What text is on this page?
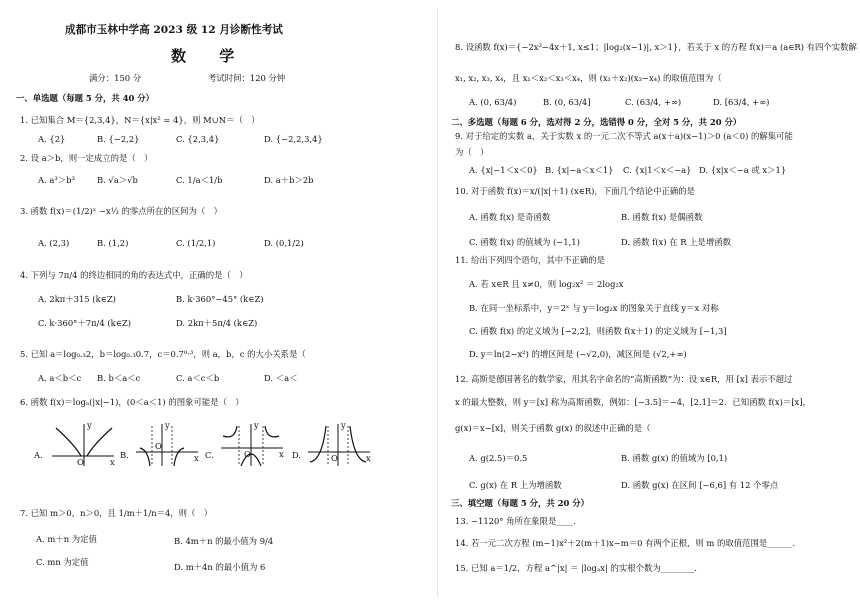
成都市玉林中学高 2023 级 12 月诊断性考试
数 学
满分：150 分	考试时间：120 分钟
一、单选题（每题 5 分，共 40 分）
1. 已知集合 M＝{2,3,4}，N＝{x|x² = 4}，则 M∪N＝（　）
A. {2}	B. {−2,2}	C. {2,3,4}	D. {−2,2,3,4}
2. 设 a＞b，则一定成立的是（　）
A. a³＞b³	B. √a＞√b	C. 1/a＜1/b	D. a＋b＞2b
3. 函数 f(x)＝(1/2)ˣ −x⅓ 的零点所在的区间为（　）
A. (2,3)	B. (1,2)	C. (1/2,1)	D. (0,1/2)
4. 下列与 7π/4 的终边相同的角的表达式中，正确的是（　）
A. 2kπ＋315 (k∈Z)	B. k·360°−45° (k∈Z)
C. k·360°＋7π/4 (k∈Z)	D. 2kπ＋5π/4 (k∈Z)
5. 已知 a＝log₀.₃2，b＝log₀.₃0.7，c＝0.7⁰·³，则 a，b，c 的大小关系是（
A. a＜b＜c B. b＜a＜c	C. a＜c＜b	D. ＜a＜
6. 函数 f(x)＝logₐ(|x|−1)，(0＜a＜1) 的图象可能是（　）
A.
O	x
y
B.
O
x
y
C.	O	x
y
D.	O	x
y
7. 已知 m＞0，n＞0，且 1/m＋1/n＝4，则（　）
A. m＋n 为定值	B. 4m＋n 的最小值为 9/4
C. mn 为定值	D. m＋4n 的最小值为 6
8. 设函数 f(x)＝{−2x²−4x＋1, x≤1；|log₂(x−1)|, x＞1}，若关于 x 的方程 f(x)＝a (a∈R) 有四个实数解
x₁, x₂, x₃, x₄，且 x₁＜x₂＜x₃＜x₄，则 (x₁＋x₂)(x₃−x₄) 的取值范围为（
A. (0, 63/4)	B. (0, 63/4]	C. (63/4, +∞)	D. [63/4, +∞)
二、多选题（每题 6 分，选对得 2 分，选错得 0 分，全对 5 分，共 20 分）
9. 对于给定的实数 a，关于实数 x 的一元二次不等式 a(x＋a)(x−1)＞0 (a＜0) 的解集可能
为（　）
A. {x|−1＜x＜0} B. {x|−a＜x＜1} C. {x|1＜x＜−a} D. {x|x＜−a 或 x＞1}
10. 对于函数 f(x)＝x/(|x|＋1) (x∈R)，下面几个结论中正确的是
A. 函数 f(x) 是奇函数	B. 函数 f(x) 是偶函数
C. 函数 f(x) 的值域为 (−1,1)	D. 函数 f(x) 在 R 上是增函数
11. 给出下列四个语句，其中不正确的是
A. 若 x∈R 且 x≠0，则 log₂x² ＝ 2log₂x
B. 在同一坐标系中，y＝2ˣ 与 y＝log₂x 的图象关于直线 y＝x 对称
C. 函数 f(x) 的定义域为 [−2,2]，则函数 f(x＋1) 的定义域为 [−1,3]
D. y＝ln(2−x²) 的增区间是 (−√2,0)，减区间是 (√2,+∞)
12. 高斯是德国著名的数学家，用其名字命名的“高斯函数”为：设 x∈R，用 [x] 表示不超过
x 的最大整数，则 y＝[x] 称为高斯函数，例如：[−3.5]＝−4，[2.1]＝2．已知函数 f(x)＝[x]，
g(x)＝x−[x]，则关于函数 g(x) 的叙述中正确的是（
A. g(2.5)＝0.5	B. 函数 g(x) 的值域为 [0,1)
C. g(x) 在 R 上为增函数	D. 函数 g(x) 在区间 [−6,6] 有 12 个零点
三、填空题（每题 5 分，共 20 分）
13. −1120° 角所在象限是____．
14. 若一元二次方程 (m−1)x²＋2(m＋1)x−m＝0 有两个正根，则 m 的取值范围是______．
15. 已知 a＝1/2，方程 a^|x| ＝ |logₐx| 的实根个数为________．
